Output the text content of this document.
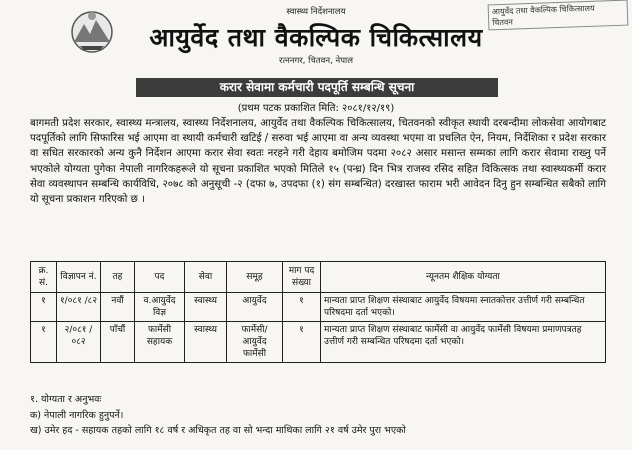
आयुर्वेद तथा वैकल्पिक चिकित्सालय
चितवन
स्वास्थ्य निर्देशनालय
आयुर्वेद तथा वैकल्पिक चिकित्सालय
रत्ननगर, चितवन, नेपाल
करार सेवामा कर्मचारी पदपूर्ति सम्बन्धि सूचना
(प्रथम पटक प्रकाशित मिति: २०८१/१२/१९)
बागमती प्रदेश सरकार, स्वास्थ्य मन्त्रालय, स्वास्थ्य निर्देशनालय, आयुर्वेद तथा वैकल्पिक चिकित्सालय, चितवनको स्वीकृत स्थायी दरबन्दीमा लोकसेवा आयोगबाट पदपूर्तिको लागि सिफारिस भई आएमा वा स्थायी कर्मचारी खटिई / सरुवा भई आएमा वा अन्य व्यवस्था भएमा वा प्रचलित ऐन, नियम, निर्देशिका र प्रदेश सरकार वा सधित सरकारको अन्य कुनै निर्देशन आएमा करार सेवा स्वतः नरहने गरी देहाय बमोजिम पदमा २०८२ असार मसान्त सम्मका लागि करार सेवामा राख्नु पर्ने भएकोले योग्यता पुगेका नेपाली नागरिकहरूले यो सूचना प्रकाशित भएको मितिले १५ (पन्ध्र) दिन भित्र राजस्व रसिद सहित विकित्सक तथा स्वास्थ्यकर्मी करार सेवा व्यवस्थापन सम्बन्धि कार्यविधि, २०७८ को अनुसूची -२ (दफा ७, उपदफा (१) संग सम्बन्धित) दरखास्त फाराम भरी आवेदन दिनु हुन सम्बन्धित सबैको लागि यो सूचना प्रकाशन गरिएको छ ।
क्र. सं.	विज्ञापन नं.	तह	पद	सेवा	समूह	माग पद संख्या	न्यूनतम शैक्षिक योग्यता
१	१/०८१ /८२	नवौं	व.आयुर्वेद विज्ञ	स्वास्थ्य	आयुर्वेद	१	मान्यता प्राप्त शिक्षण संस्थाबाट आयुर्वेद विषयमा स्नातकोत्तर उत्तीर्ण गरी सम्बन्धित परिषदमा दर्ता भएको।
१	२/०८१ /०८२	पाँचौं	फार्मेसी सहायक	स्वास्थ्य	फार्मेसी/ आयुर्वेद फार्मेसी	१	मान्यता प्राप्त शिक्षण संस्थाबाट फार्मेसी वा आयुर्वेद फार्मेसी विषयमा प्रमाणपत्रतह उत्तीर्ण गरी सम्बन्धित परिषदमा दर्ता भएको।
१. योग्यता र अनुभवः
क) नेपाली नागरिक हुनुपर्ने।
ख) उमेर हद - सहायक तहको लागि १८ वर्ष र अधिकृत तह वा सो भन्दा माथिका लागि २१ वर्ष उमेर पुरा भएको
